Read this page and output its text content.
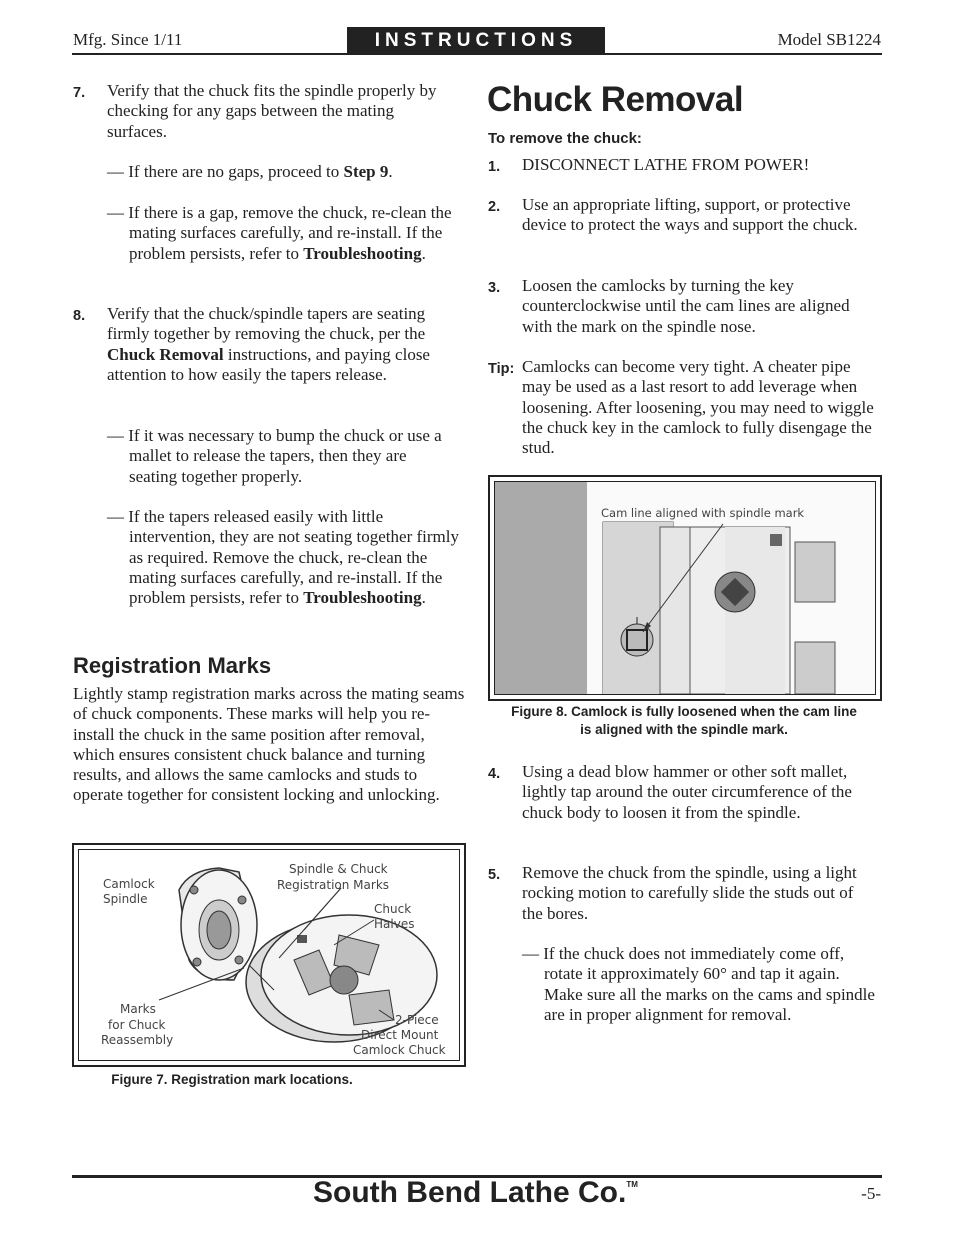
Mfg. Since 1/11	INSTRUCTIONS	Model SB1224
7. Verify that the chuck fits the spindle properly by checking for any gaps between the mating surfaces.
— If there are no gaps, proceed to Step 9.
— If there is a gap, remove the chuck, re-clean the mating surfaces carefully, and re-install. If the problem persists, refer to Troubleshooting.
8. Verify that the chuck/spindle tapers are seating firmly together by removing the chuck, per the Chuck Removal instructions, and paying close attention to how easily the tapers release.
— If it was necessary to bump the chuck or use a mallet to release the tapers, then they are seating together properly.
— If the tapers released easily with little intervention, they are not seating together firmly as required. Remove the chuck, re-clean the mating surfaces carefully, and re-install. If the problem persists, refer to Troubleshooting.
Registration Marks
Lightly stamp registration marks across the mating seams of chuck components. These marks will help you re-install the chuck in the same position after removal, which ensures consistent chuck balance and turning results, and allows the same camlocks and studs to operate together for consistent locking and unlocking.
Camlock
Spindle
Spindle & Chuck
Registration Marks
Chuck
Halves
Marks
for Chuck
Reassembly
2-Piece
Direct Mount
Camlock Chuck
Figure 7. Registration mark locations.
Chuck Removal
To remove the chuck:
1. DISCONNECT LATHE FROM POWER!
2. Use an appropriate lifting, support, or protective device to protect the ways and support the chuck.
3. Loosen the camlocks by turning the key counterclockwise until the cam lines are aligned with the mark on the spindle nose.
Tip: Camlocks can become very tight. A cheater pipe may be used as a last resort to add leverage when loosening. After loosening, you may need to wiggle the chuck key in the camlock to fully disengage the stud.
Cam line aligned with spindle mark
Figure 8. Camlock is fully loosened when the cam line
is aligned with the spindle mark.
4. Using a dead blow hammer or other soft mallet, lightly tap around the outer circumference of the chuck body to loosen it from the spindle.
5. Remove the chuck from the spindle, using a light rocking motion to carefully slide the studs out of the bores.
— If the chuck does not immediately come off, rotate it approximately 60° and tap it again. Make sure all the marks on the cams and spindle are in proper alignment for removal.
South Bend Lathe Co.™	-5-
